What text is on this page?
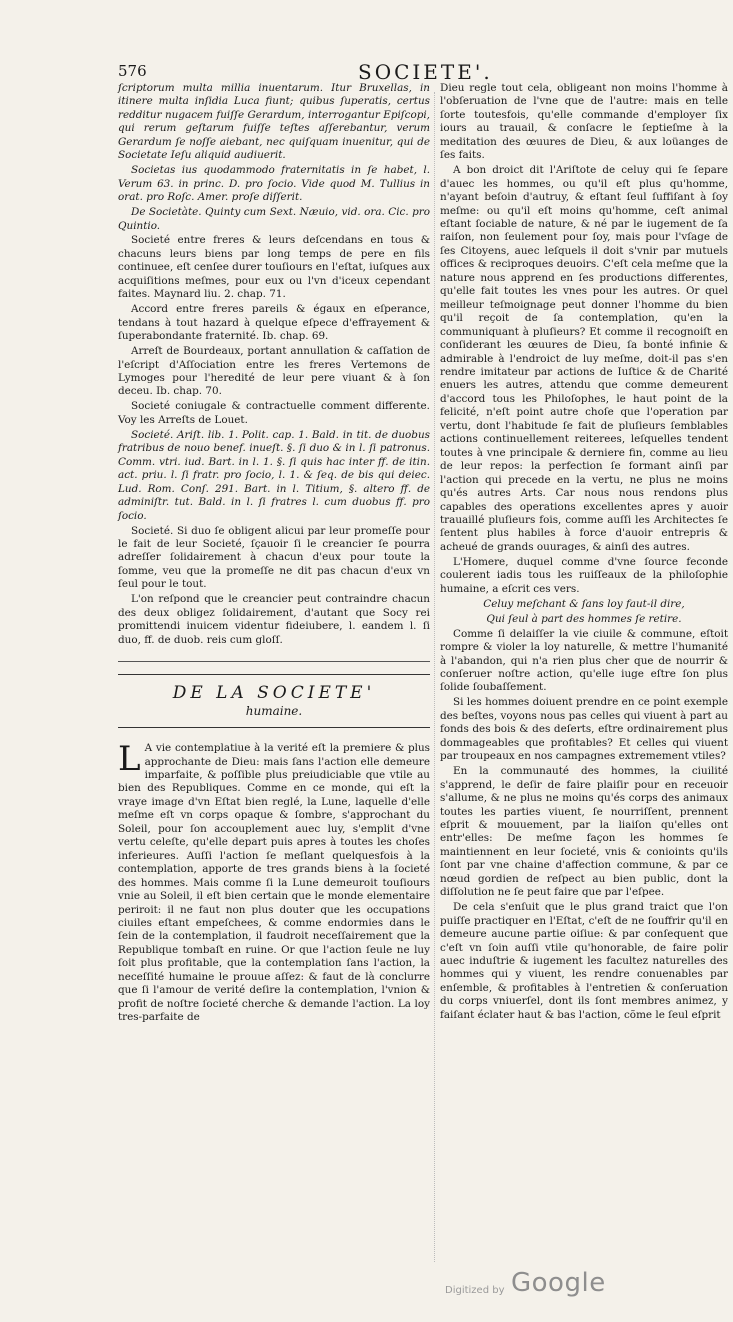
576	SOCIETE'.

ſcriptorum multa millia inuentarum. Itur Bruxellas, in itinere multa inſidia Luca fiunt; quibus ſuperatis, certus redditur nugacem fuiſſe Gerardum, interrogantur Epiſcopi, qui rerum geſtarum fuiſſe teſtes aſſerebantur, verum Gerardum ſe noſſe aiebant, nec quiſquam inuenitur, qui de Societate Ieſu aliquid audiuerit.

Societas ius quodammodo fraternitatis in ſe habet, l. Verum 63. in princ. D. pro ſocio. Vide quod M. Tullius in orat. pro Roſc. Amer. proſe diſſerit.

De Societàte. Quinty cum Sext. Næuio, vid. ora. Cic. pro Quintio.

Societé entre freres & leurs deſcendans en tous & chacuns leurs biens par long temps de pere en fils continuee, eſt cenſee durer touſiours en l'eſtat, iuſques aux acquiſitions meſmes, pour eux ou l'vn d'iceux cependant faites. Maynard liu. 2. chap. 71.

Accord entre freres pareils & égaux en eſperance, tendans à tout hazard à quelque eſpece d'effrayement & ſuperabondante fraternité. Ib. chap. 69.

Arreſt de Bourdeaux, portant annullation & caſſation de l'eſcript d'Aſſociation entre les freres Vertemons de Lymoges pour l'heredité de leur pere viuant & à ſon deceu. Ib. chap. 70.

Societé coniugale & contractuelle comment differente. Voy les Arreſts de Louet.

Societé. Ariſt. lib. 1. Polit. cap. 1. Bald. in tit. de duobus fratribus de nouo benef. inueſt. §. ſi duo & in l. ſi patronus. Comm. vtri. iud. Bart. in l. 1. §. ſi quis hac inter ff. de itin. act. priu. l. ſi fratr. pro ſocio, l. 1. & ſeq. de bis qui deiec. Lud. Rom. Conſ. 291. Bart. in l. Titium, §. altero ff. de adminiſtr. tut. Bald. in l. ſi fratres l. cum duobus ff. pro ſocio.

Societé. Si duo ſe obligent alicui par leur promeſſe pour le fait de leur Societé, ſçauoir ſi le creancier ſe pourra adreſſer ſolidairement à chacun d'eux pour toute la ſomme, veu que la promeſſe ne dit pas chacun d'eux vn ſeul pour le tout.

L'on reſpond que le creancier peut contraindre chacun des deux obligez ſolidairement, d'autant que Socy rei promittendi inuicem videntur fideiubere, l. eandem l. ſi duo, ff. de duob. reis cum gloſſ.

DE LA SOCIETE'
humaine.

L A vie contemplatiue à la verité eſt la premiere & plus approchante de Dieu: mais ſans l'action elle demeure imparfaite, & poſſible plus preiudiciable que vtile au bien des Republiques. Comme en ce monde, qui eſt la vraye image d'vn Eſtat bien reglé, la Lune, laquelle d'elle meſme eſt vn corps opaque & ſombre, s'approchant du Soleil, pour ſon accouplement auec luy, s'emplit d'vne vertu celeſte, qu'elle depart puis apres à toutes les choſes inferieures. Auſſi l'action ſe meſlant quelquesfois à la contemplation, apporte de tres grands biens à la ſocieté des hommes. Mais comme ſi la Lune demeuroit touſiours vnie au Soleil, il eſt bien certain que le monde elementaire periroit: il ne faut non plus douter que les occupations ciuiles eſtant empeſchees, & comme endormies dans le ſein de la contemplation, il faudroit neceſſairement que la Republique tombaſt en ruine. Or que l'action ſeule ne luy ſoit plus profitable, que la contemplation ſans l'action, la neceſſité humaine le prouue aſſez: & faut de là conclurre que ſi l'amour de verité deſire la contemplation, l'vnion & profit de noſtre ſocieté cherche & demande l'action. La loy tres-parfaite de

Dieu regle tout cela, obligeant non moins l'homme à l'obſeruation de l'vne que de l'autre: mais en telle ſorte toutesfois, qu'elle commande d'employer ſix iours au trauail, & conſacre le ſeptieſme à la meditation des œuures de Dieu, & aux loüanges de ſes faits.

A bon droict dit l'Ariſtote de celuy qui ſe ſepare d'auec les hommes, ou qu'il eſt plus qu'homme, n'ayant beſoin d'autruy, & eſtant ſeul ſuffiſant à ſoy meſme: ou qu'il eſt moins qu'homme, ceſt animal eſtant ſociable de nature, & né par le iugement de ſa raiſon, non ſeulement pour ſoy, mais pour l'vſage de ſes Citoyens, auec leſquels il doit s'vnir par mutuels offices & reciproques deuoirs. C'eſt cela meſme que la nature nous apprend en ſes productions differentes, qu'elle fait toutes les vnes pour les autres. Or quel meilleur teſmoignage peut donner l'homme du bien qu'il reçoit de ſa contemplation, qu'en la communiquant à pluſieurs? Et comme il recognoiſt en conſiderant les œuures de Dieu, ſa bonté infinie & admirable à l'endroict de luy meſme, doit-il pas s'en rendre imitateur par actions de Iuſtice & de Charité enuers les autres, attendu que comme demeurent d'accord tous les Philoſophes, le haut point de la felicité, n'eſt point autre choſe que l'operation par vertu, dont l'habitude ſe fait de pluſieurs ſemblables actions continuellement reiterees, leſquelles tendent toutes à vne principale & derniere fin, comme au lieu de leur repos: la perfection ſe formant ainſi par l'action qui precede en la vertu, ne plus ne moins qu'és autres Arts. Car nous nous rendons plus capables des operations excellentes apres y auoir trauaillé pluſieurs fois, comme auſſi les Architectes ſe ſentent plus habiles à force d'auoir entrepris & acheué de grands ouurages, & ainſi des autres.

L'Homere, duquel comme d'vne ſource feconde coulerent iadis tous les ruiſſeaux de la philoſophie humaine, a eſcrit ces vers.

Celuy meſchant & ſans loy faut-il dire,

Qui ſeul à part des hommes ſe retire.

Comme ſi delaiſſer la vie ciuile & commune, eſtoit rompre & violer la loy naturelle, & mettre l'humanité à l'abandon, qui n'a rien plus cher que de nourrir & conſeruer noſtre action, qu'elle iuge eſtre ſon plus ſolide ſoubaſſement.

Si les hommes doiuent prendre en ce point exemple des beſtes, voyons nous pas celles qui viuent à part au fonds des bois & des deſerts, eſtre ordinairement plus dommageables que profitables? Et celles qui viuent par troupeaux en nos campagnes extremement vtiles?

En la communauté des hommes, la ciuilité s'apprend, le deſir de faire plaiſir pour en receuoir s'allume, & ne plus ne moins qu'és corps des animaux toutes les parties viuent, ſe nourriſſent, prennent eſprit & mouuement, par la liaiſon qu'elles ont entr'elles: De meſme façon les hommes ſe maintiennent en leur ſocieté, vnis & conioints qu'ils ſont par vne chaine d'affection commune, & par ce nœud gordien de reſpect au bien public, dont la diſſolution ne ſe peut faire que par l'eſpee.

De cela s'enſuit que le plus grand traict que l'on puiſſe practiquer en l'Eſtat, c'eſt de ne ſouffrir qu'il en demeure aucune partie oiſiue: & par conſequent que c'eſt vn ſoin auſſi vtile qu'honorable, de faire polir auec induſtrie & iugement les facultez naturelles des hommes qui y viuent, les rendre conuenables par enſemble, & profitables à l'entretien & conſeruation du corps vniuerſel, dont ils ſont membres animez, y faiſant éclater haut & bas l'action, cõme le ſeul eſprit

Digitized by Google
